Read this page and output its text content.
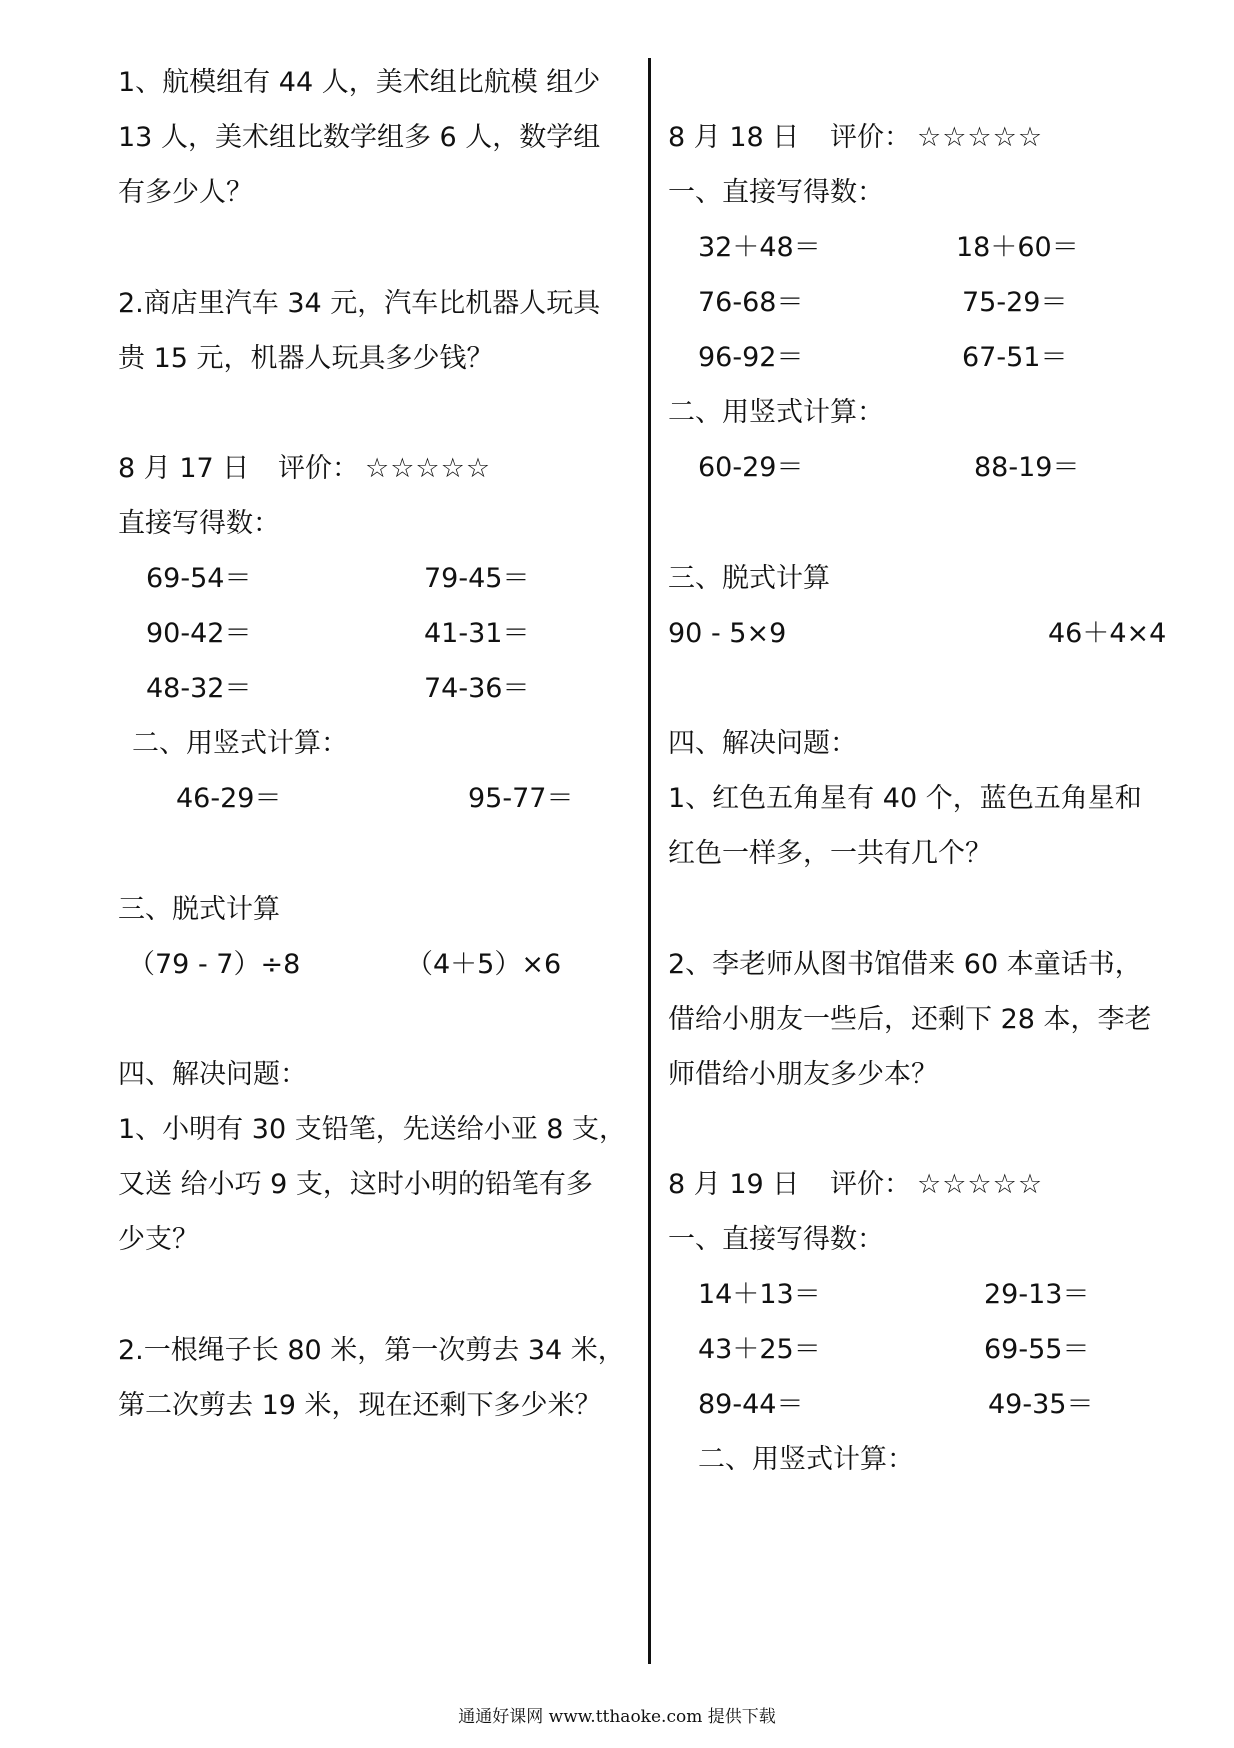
1、航模组有 44 人，美术组比航模 组少

13 人，美术组比数学组多 6 人，数学组

有多少人？

2.商店里汽车 34 元，汽车比机器人玩具

贵 15 元，机器人玩具多少钱？

8 月 17 日 评价： ☆☆☆☆☆

直接写得数：

69-54＝	79-45＝

90-42＝	41-31＝

48-32＝	74-36＝

二、用竖式计算：

46-29＝	95-77＝

三、脱式计算

（79 - 7）÷8	（4＋5）×6

四、解决问题：

1、小明有 30 支铅笔，先送给小亚 8 支，

又送 给小巧 9 支，这时小明的铅笔有多

少支？

2.一根绳子长 80 米，第一次剪去 34 米，

第二次剪去 19 米，现在还剩下多少米？

8 月 18 日 评价： ☆☆☆☆☆

一、直接写得数：

32＋48＝	18＋60＝

76-68＝	75-29＝

96-92＝	67-51＝

二、用竖式计算：

60-29＝	88-19＝

三、脱式计算

90 - 5×9	46＋4×4

四、解决问题：

1、红色五角星有 40 个，蓝色五角星和

红色一样多，一共有几个？

2、李老师从图书馆借来 60 本童话书，

借给小朋友一些后，还剩下 28 本，李老

师借给小朋友多少本？

8 月 19 日 评价： ☆☆☆☆☆

一、直接写得数：

14＋13＝	29-13＝

43＋25＝	69-55＝

89-44＝	49-35＝

二、用竖式计算：

通通好课网 www.tthaoke.com 提供下载
